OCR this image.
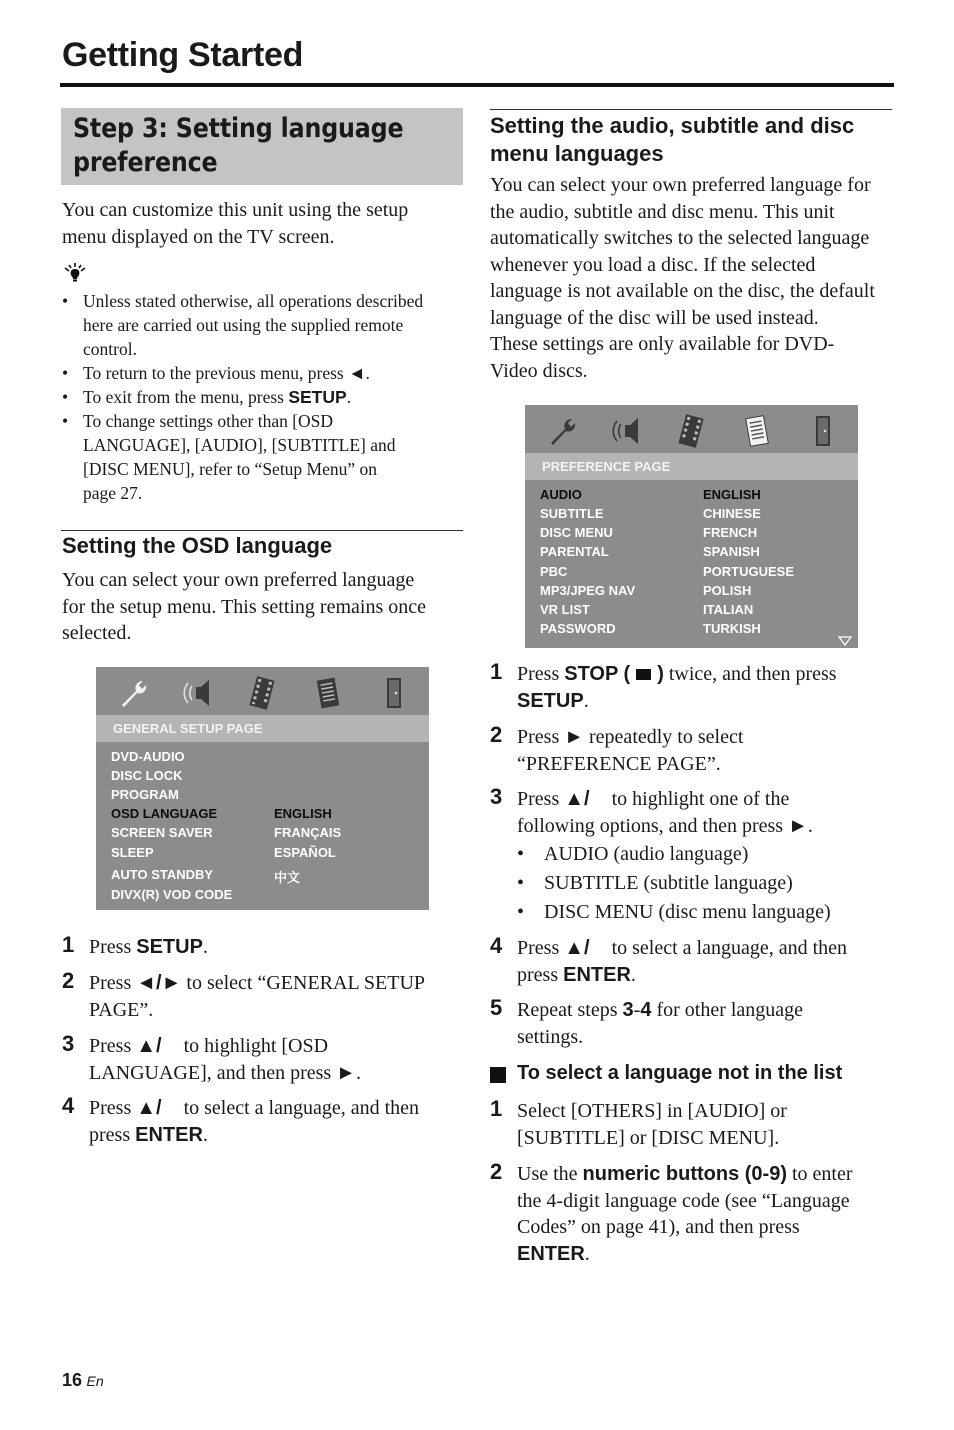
Getting Started
Step 3: Setting language
preference
You can customize this unit using the setup
menu displayed on the TV screen.
• Unless stated otherwise, all operations described
here are carried out using the supplied remote
control.
• To return to the previous menu, press ◄.
• To exit from the menu, press SETUP.
• To change settings other than [OSD
LANGUAGE], [AUDIO], [SUBTITLE] and
[DISC MENU], refer to “Setup Menu” on
page 27.
Setting the OSD language
You can select your own preferred language
for the setup menu. This setting remains once
selected.
GENERAL SETUP PAGE
DVD-AUDIO
DISC LOCK
PROGRAM
OSD LANGUAGE
SCREEN SAVER
SLEEP
AUTO STANDBY
DIVX(R) VOD CODE
ENGLISH
FRANÇAIS
ESPAÑOL
中文
1 Press SETUP.
2 Press ◄/► to select “GENERAL SETUP
PAGE”.
3 Press ▲/ to highlight [OSD
LANGUAGE], and then press ►.
4 Press ▲/ to select a language, and then
press ENTER.
Setting the audio, subtitle and disc
menu languages
You can select your own preferred language for
the audio, subtitle and disc menu. This unit
automatically switches to the selected language
whenever you load a disc. If the selected
language is not available on the disc, the default
language of the disc will be used instead.
These settings are only available for DVD-
Video discs.
PREFERENCE PAGE
AUDIO
SUBTITLE
DISC MENU
PARENTAL
PBC
MP3/JPEG NAV
VR LIST
PASSWORD
ENGLISH
CHINESE
FRENCH
SPANISH
PORTUGUESE
POLISH
ITALIAN
TURKISH
1 Press STOP ( ) twice, and then press
SETUP.
2 Press ► repeatedly to select
“PREFERENCE PAGE”.
3 Press ▲/ to highlight one of the
following options, and then press ►.
•    AUDIO (audio language)
•    SUBTITLE (subtitle language)
•    DISC MENU (disc menu language)
4 Press ▲/ to select a language, and then
press ENTER.
5 Repeat steps 3-4 for other language
settings.
To select a language not in the list
1 Select [OTHERS] in [AUDIO] or
[SUBTITLE] or [DISC MENU].
2 Use the numeric buttons (0-9) to enter
the 4-digit language code (see “Language
Codes” on page 41), and then press
ENTER.
16 En
